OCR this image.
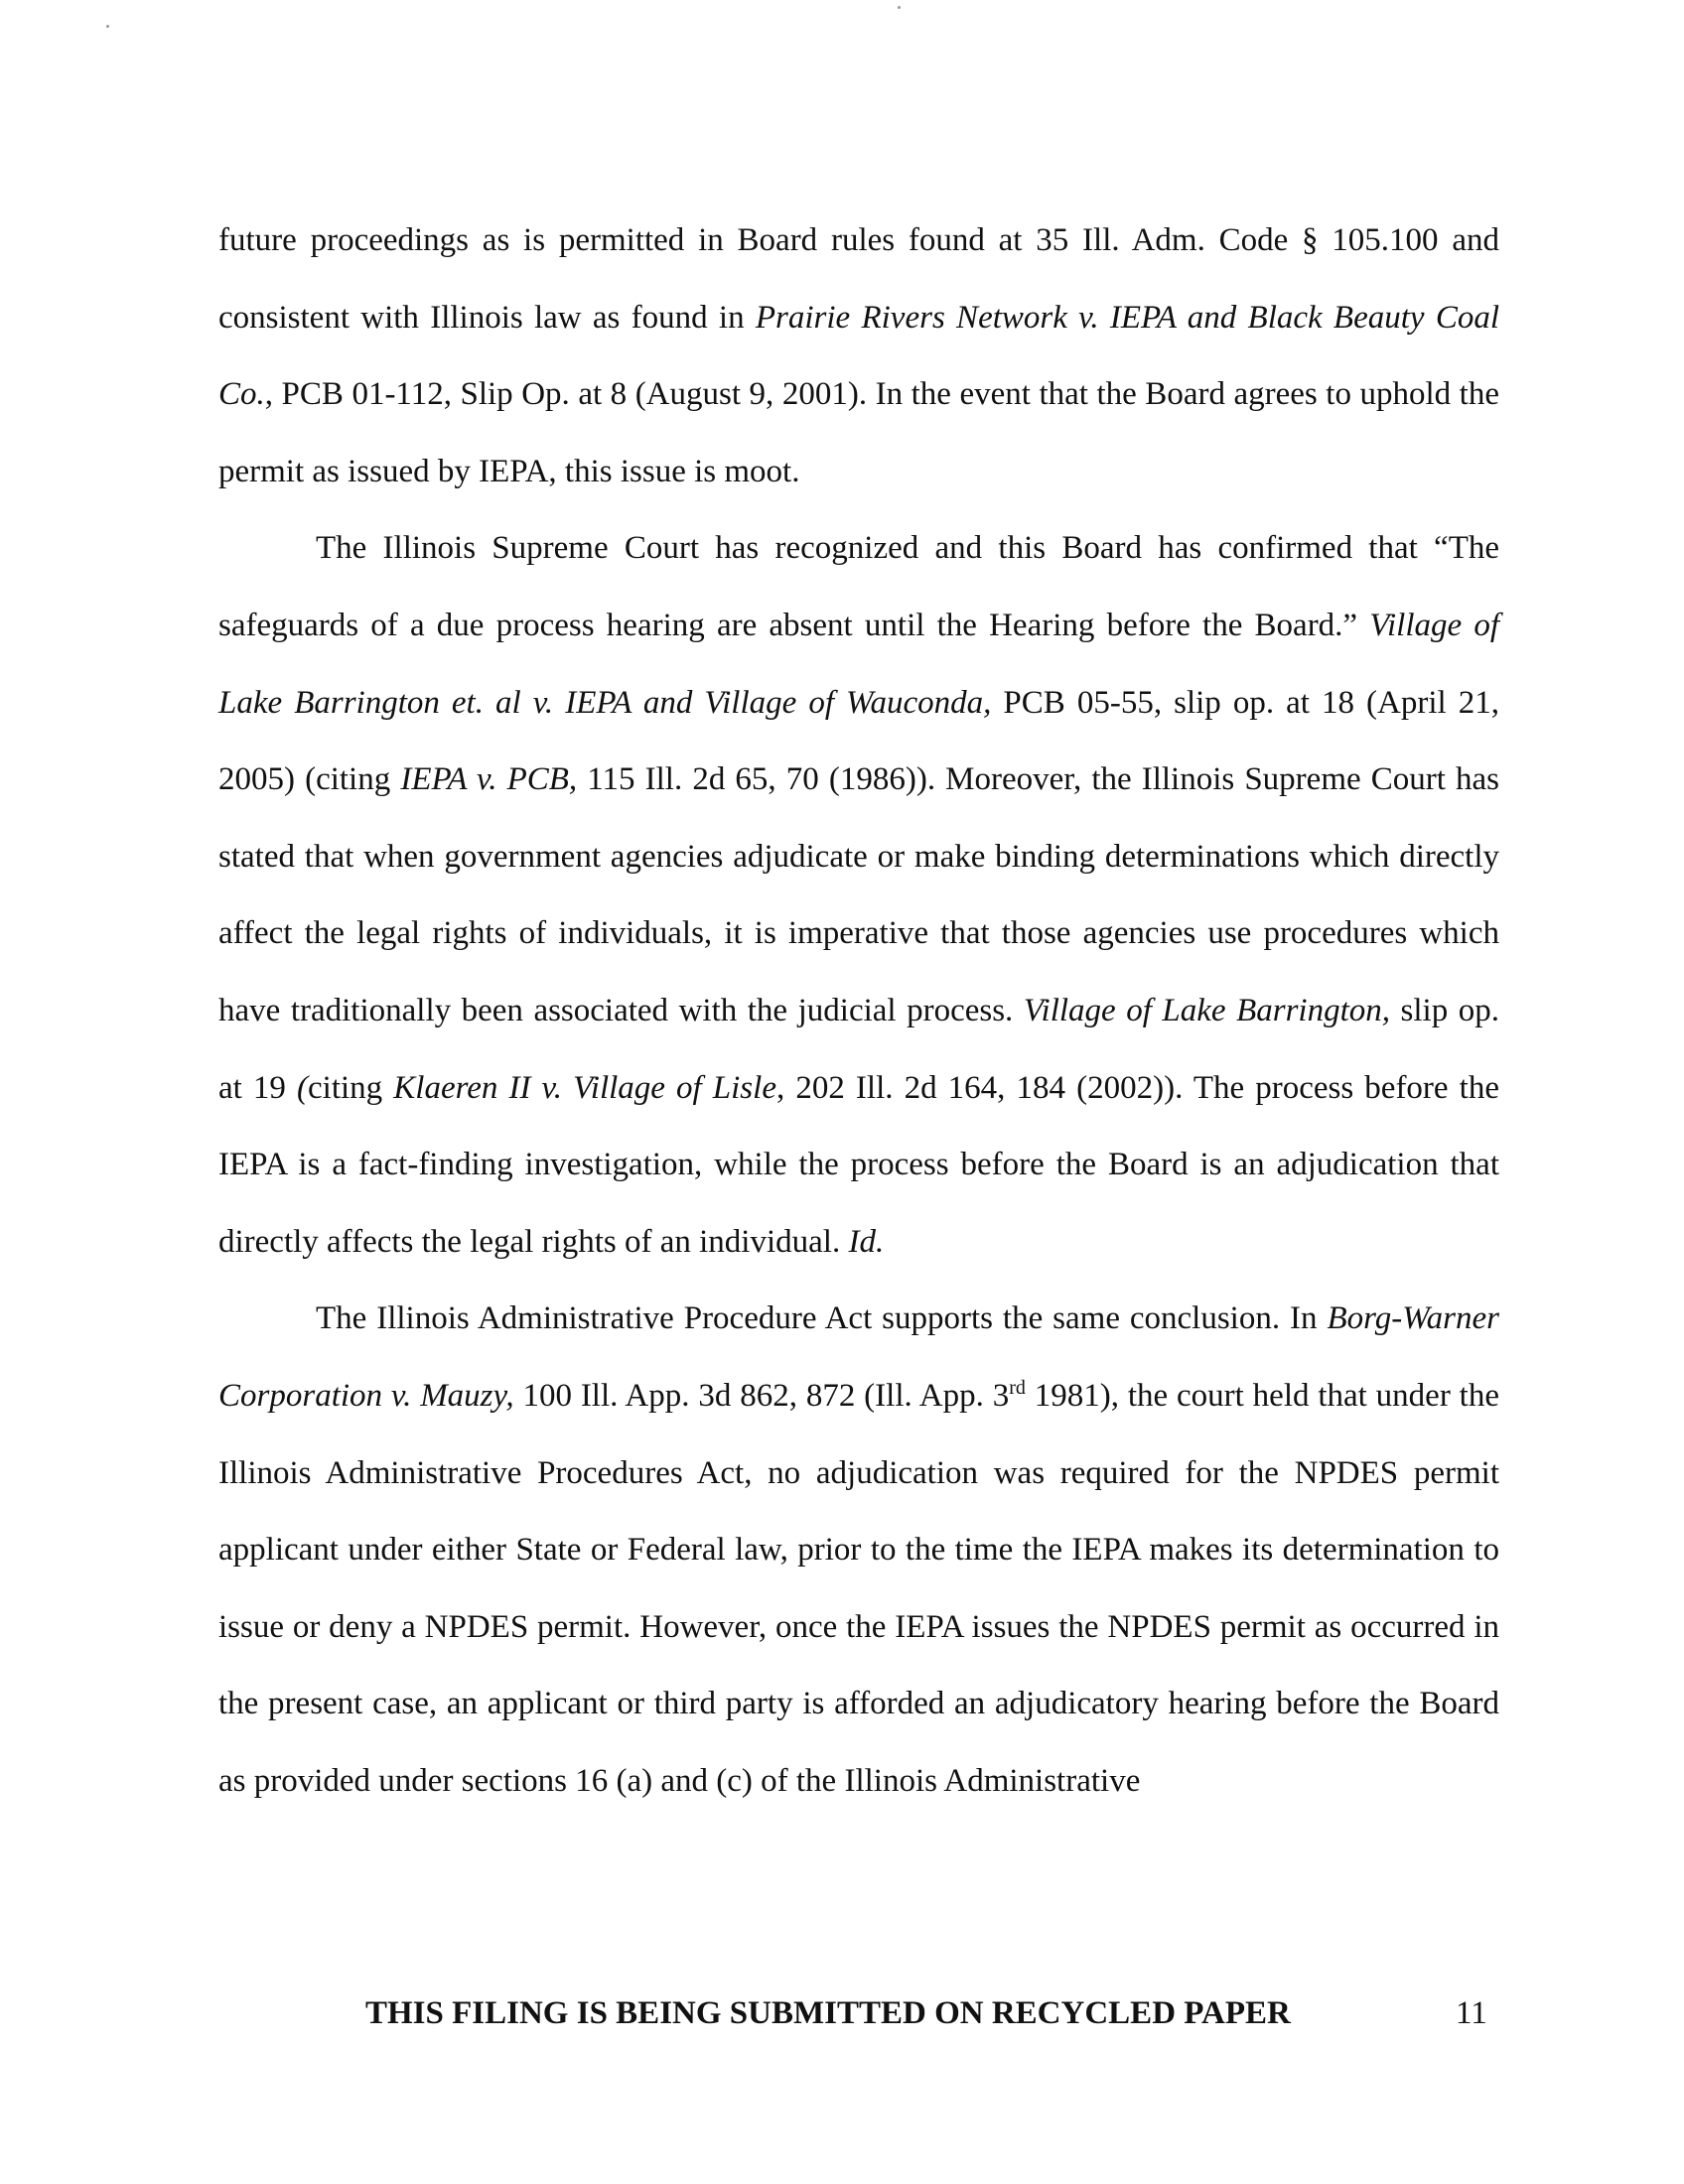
future proceedings as is permitted in Board rules found at 35 Ill. Adm. Code § 105.100 and consistent with Illinois law as found in Prairie Rivers Network v. IEPA and Black Beauty Coal Co., PCB 01-112, Slip Op. at 8 (August 9, 2001). In the event that the Board agrees to uphold the permit as issued by IEPA, this issue is moot.

The Illinois Supreme Court has recognized and this Board has confirmed that “The safeguards of a due process hearing are absent until the Hearing before the Board.” Village of Lake Barrington et. al v. IEPA and Village of Wauconda, PCB 05-55, slip op. at 18 (April 21, 2005) (citing IEPA v. PCB, 115 Ill. 2d 65, 70 (1986)). Moreover, the Illinois Supreme Court has stated that when government agencies adjudicate or make binding determinations which directly affect the legal rights of individuals, it is imperative that those agencies use procedures which have traditionally been associated with the judicial process. Village of Lake Barrington, slip op. at 19 (citing Klaeren II v. Village of Lisle, 202 Ill. 2d 164, 184 (2002)). The process before the IEPA is a fact-finding investigation, while the process before the Board is an adjudication that directly affects the legal rights of an individual. Id.

The Illinois Administrative Procedure Act supports the same conclusion. In Borg-Warner Corporation v. Mauzy, 100 Ill. App. 3d 862, 872 (Ill. App. 3rd 1981), the court held that under the Illinois Administrative Procedures Act, no adjudication was required for the NPDES permit applicant under either State or Federal law, prior to the time the IEPA makes its determination to issue or deny a NPDES permit. However, once the IEPA issues the NPDES permit as occurred in the present case, an applicant or third party is afforded an adjudicatory hearing before the Board as provided under sections 16 (a) and (c) of the Illinois Administrative

THIS FILING IS BEING SUBMITTED ON RECYCLED PAPER	11
